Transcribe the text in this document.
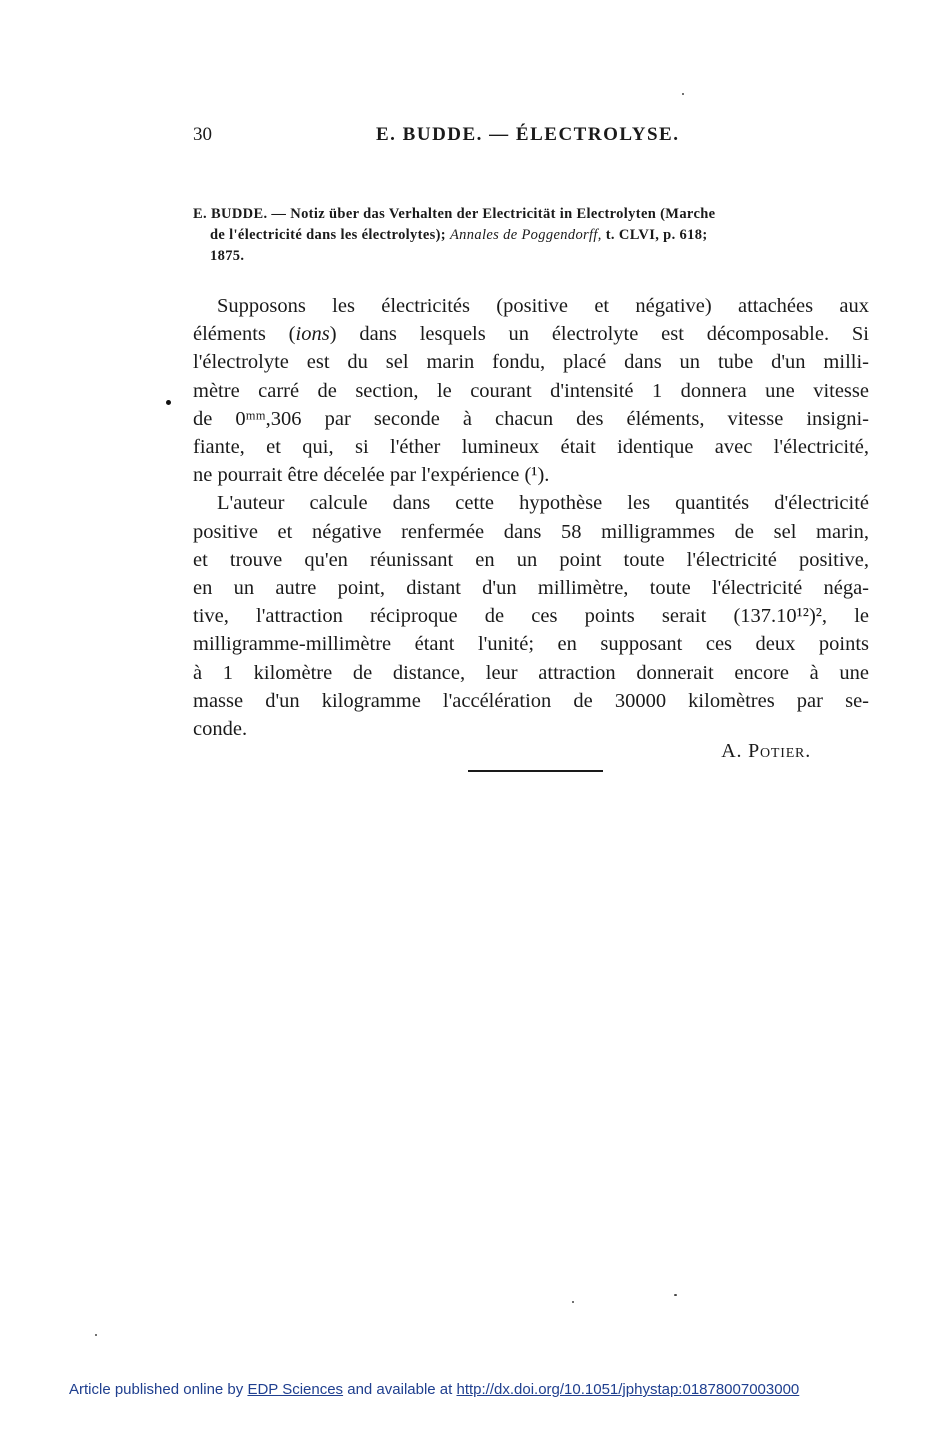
30	E. BUDDE. — ÉLECTROLYSE.
E. BUDDE. — Notiz über das Verhalten der Electricität in Electrolyten (Marche
de l'électricité dans les électrolytes); Annales de Poggendorff, t. CLVI, p. 618;
1875.
Supposons les électricités (positive et négative) attachées aux
éléments (ions) dans lesquels un électrolyte est décomposable. Si
l'électrolyte est du sel marin fondu, placé dans un tube d'un milli-
mètre carré de section, le courant d'intensité 1 donnera une vitesse
de 0ᵐᵐ,306 par seconde à chacun des éléments, vitesse insigni-
fiante, et qui, si l'éther lumineux était identique avec l'électricité,
ne pourrait être décelée par l'expérience (¹).
L'auteur calcule dans cette hypothèse les quantités d'électricité
positive et négative renfermée dans 58 milligrammes de sel marin,
et trouve qu'en réunissant en un point toute l'électricité positive,
en un autre point, distant d'un millimètre, toute l'électricité néga-
tive, l'attraction réciproque de ces points serait (137.10¹²)², le
milligramme-millimètre étant l'unité; en supposant ces deux points
à 1 kilomètre de distance, leur attraction donnerait encore à une
masse d'un kilogramme l'accélération de 30000 kilomètres par se-
conde.
A. Potier.
Article published online by EDP Sciences and available at http://dx.doi.org/10.1051/jphystap:01878007003000
